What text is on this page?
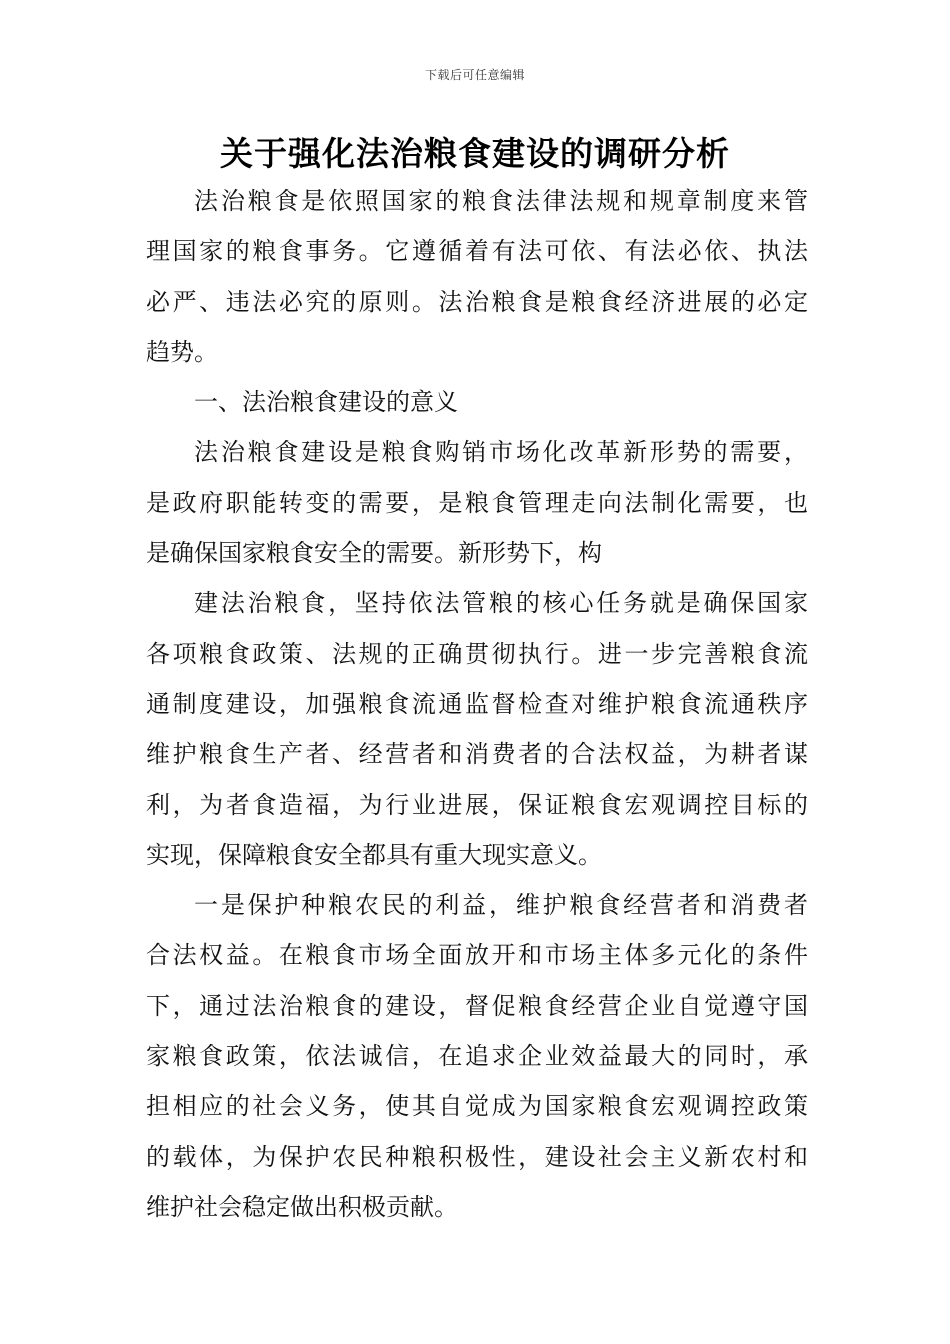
下载后可任意编辑
关于强化法治粮食建设的调研分析
法治粮食是依照国家的粮食法律法规和规章制度来管
理国家的粮食事务。它遵循着有法可依、有法必依、执法
必严、违法必究的原则。法治粮食是粮食经济进展的必定
趋势。
一、法治粮食建设的意义
法治粮食建设是粮食购销市场化改革新形势的需要，
是政府职能转变的需要，是粮食管理走向法制化需要，也
是确保国家粮食安全的需要。新形势下，构
建法治粮食，坚持依法管粮的核心任务就是确保国家
各项粮食政策、法规的正确贯彻执行。进一步完善粮食流
通制度建设，加强粮食流通监督检查对维护粮食流通秩序
维护粮食生产者、经营者和消费者的合法权益，为耕者谋
利，为者食造福，为行业进展，保证粮食宏观调控目标的
实现，保障粮食安全都具有重大现实意义。
一是保护种粮农民的利益，维护粮食经营者和消费者
合法权益。在粮食市场全面放开和市场主体多元化的条件
下，通过法治粮食的建设，督促粮食经营企业自觉遵守国
家粮食政策，依法诚信，在追求企业效益最大的同时，承
担相应的社会义务，使其自觉成为国家粮食宏观调控政策
的载体，为保护农民种粮积极性，建设社会主义新农村和
维护社会稳定做出积极贡献。
